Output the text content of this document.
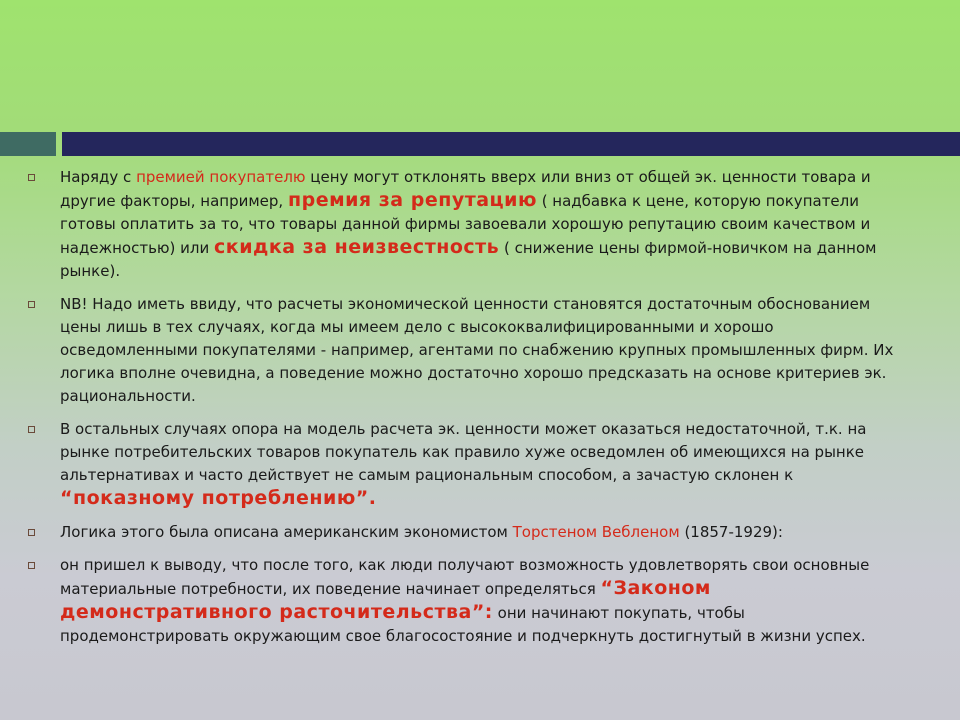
Наряду с премией покупателю цену могут отклонять вверх или вниз от общей эк. ценности товара и другие факторы, например, премия за репутацию ( надбавка к цене, которую покупатели готовы оплатить за то, что товары данной фирмы завоевали хорошую репутацию своим качеством и надежностью) или скидка за неизвестность ( снижение цены фирмой-новичком на данном рынке).

NB! Надо иметь ввиду, что расчеты экономической ценности становятся достаточным обоснованием цены лишь в тех случаях, когда мы имеем дело с высококвалифицированными и хорошо осведомленными покупателями - например, агентами по снабжению крупных промышленных фирм. Их логика вполне очевидна, а поведение можно достаточно хорошо предсказать на основе критериев эк. рациональности.

В остальных случаях опора на модель расчета эк. ценности может оказаться недостаточной, т.к. на рынке потребительских товаров покупатель как правило хуже осведомлен об имеющихся на рынке альтернативах и часто действует не самым рациональным способом, а зачастую склонен к “показному потреблению”.

Логика этого была описана американским экономистом Торстеном Вебленом (1857-1929):

он пришел к выводу, что после того, как люди получают возможность удовлетворять свои основные материальные потребности, их поведение начинает определяться “Законом демонстративного расточительства”: они начинают покупать, чтобы продемонстрировать окружающим свое благосостояние и подчеркнуть достигнутый в жизни успех.
